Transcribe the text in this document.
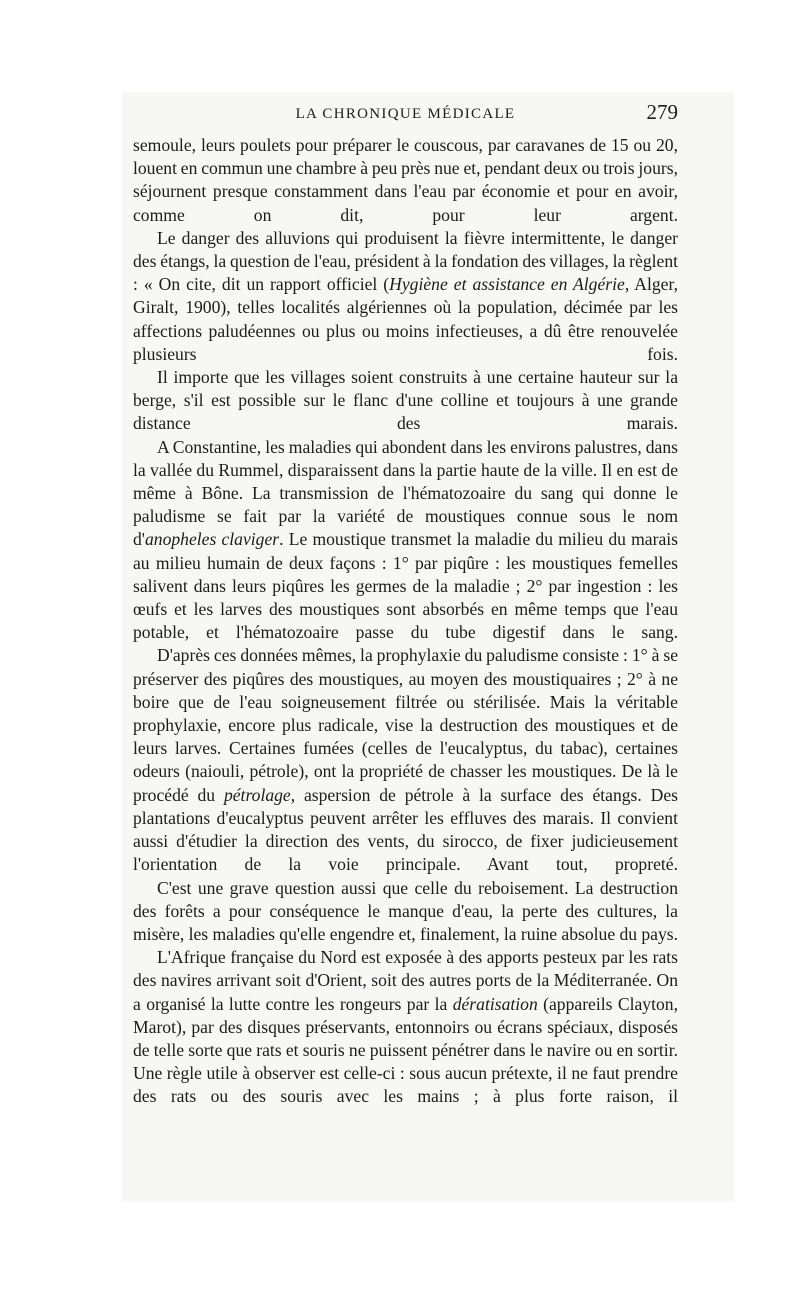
LA CHRONIQUE MÉDICALE	279

semoule, leurs poulets pour préparer le couscous, par caravanes de 15 ou 20, louent en commun une chambre à peu près nue et, pendant deux ou trois jours, séjournent presque constamment dans l'eau par économie et pour en avoir, comme on dit, pour leur argent.

Le danger des alluvions qui produisent la fièvre intermittente, le danger des étangs, la question de l'eau, président à la fondation des villages, la règlent : « On cite, dit un rapport officiel (Hygiène et assistance en Algérie, Alger, Giralt, 1900), telles localités algériennes où la population, décimée par les affections paludéennes ou plus ou moins infectieuses, a dû être renouvelée plusieurs fois.

Il importe que les villages soient construits à une certaine hauteur sur la berge, s'il est possible sur le flanc d'une colline et toujours à une grande distance des marais.

A Constantine, les maladies qui abondent dans les environs palustres, dans la vallée du Rummel, disparaissent dans la partie haute de la ville. Il en est de même à Bône. La transmission de l'hématozoaire du sang qui donne le paludisme se fait par la variété de moustiques connue sous le nom d'anopheles claviger. Le moustique transmet la maladie du milieu du marais au milieu humain de deux façons : 1° par piqûre : les moustiques femelles salivent dans leurs piqûres les germes de la maladie ; 2° par ingestion : les œufs et les larves des moustiques sont absorbés en même temps que l'eau potable, et l'hématozoaire passe du tube digestif dans le sang.

D'après ces données mêmes, la prophylaxie du paludisme consiste : 1° à se préserver des piqûres des moustiques, au moyen des moustiquaires ; 2° à ne boire que de l'eau soigneusement filtrée ou stérilisée. Mais la véritable prophylaxie, encore plus radicale, vise la destruction des moustiques et de leurs larves. Certaines fumées (celles de l'eucalyptus, du tabac), certaines odeurs (naiouli, pétrole), ont la propriété de chasser les moustiques. De là le procédé du pétrolage, aspersion de pétrole à la surface des étangs. Des plantations d'eucalyptus peuvent arrêter les effluves des marais. Il convient aussi d'étudier la direction des vents, du sirocco, de fixer judicieusement l'orientation de la voie principale. Avant tout, propreté.

C'est une grave question aussi que celle du reboisement. La destruction des forêts a pour conséquence le manque d'eau, la perte des cultures, la misère, les maladies qu'elle engendre et, finalement, la ruine absolue du pays.

L'Afrique française du Nord est exposée à des apports pesteux par les rats des navires arrivant soit d'Orient, soit des autres ports de la Méditerranée. On a organisé la lutte contre les rongeurs par la dératisation (appareils Clayton, Marot), par des disques préservants, entonnoirs ou écrans spéciaux, disposés de telle sorte que rats et souris ne puissent pénétrer dans le navire ou en sortir. Une règle utile à observer est celle-ci : sous aucun prétexte, il ne faut prendre des rats ou des souris avec les mains ; à plus forte raison, il
